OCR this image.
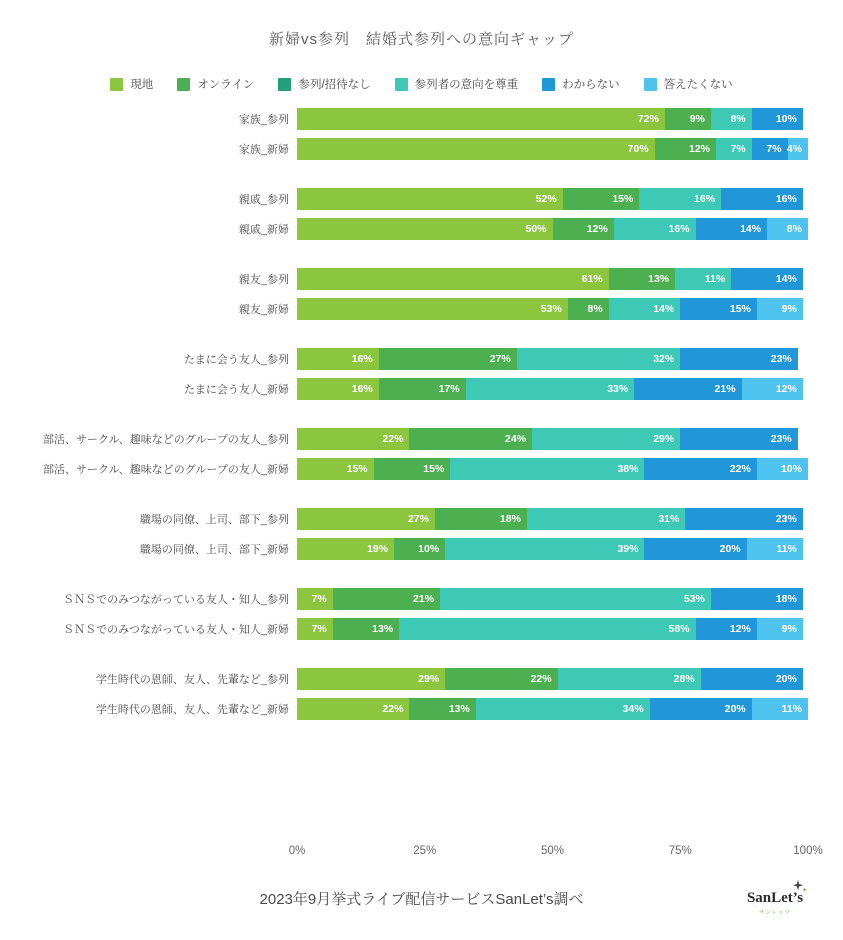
新婦vs参列　結婚式参列への意向ギャップ
現地	オンライン	参列/招待なし	参列者の意向を尊重	わからない	答えたくない
家族_参列	72%	9%	8%	10%
家族_新婦	70%	12%	7%	7% 4%
親戚_参列	52%	15%	16%	16%
親戚_新婦	50%	12%	16%	14%	8%
親友_参列	61%	13%	11%	14%
親友_新婦	53%	8%	14%	15%	9%
たまに会う友人_参列	16%	27%	32%	23%
たまに会う友人_新婦	16%	17%	33%	21%	12%
部活、サークル、趣味などのグループの友人_参列	22%	24%	29%	23%
部活、サークル、趣味などのグループの友人_新婦	15%	15%	38%	22%	10%
職場の同僚、上司、部下_参列	27%	18%	31%	23%
職場の同僚、上司、部下_新婦	19%	10%	39%	20%	11%
ＳＮＳでのみつながっている友人・知人_参列	7%	21%	53%	18%
ＳＮＳでのみつながっている友人・知人_新婦	7%	13%	58%	12%	9%
学生時代の恩師、友人、先輩など_参列	29%	22%	28%	20%
学生時代の恩師、友人、先輩など_新婦	22%	13%	34%	20%	11%
0%	25%	50%	75%	100%
2023年9月挙式ライブ配信サービスSanLet’s調べ	SanLet’s
サンレッツ
